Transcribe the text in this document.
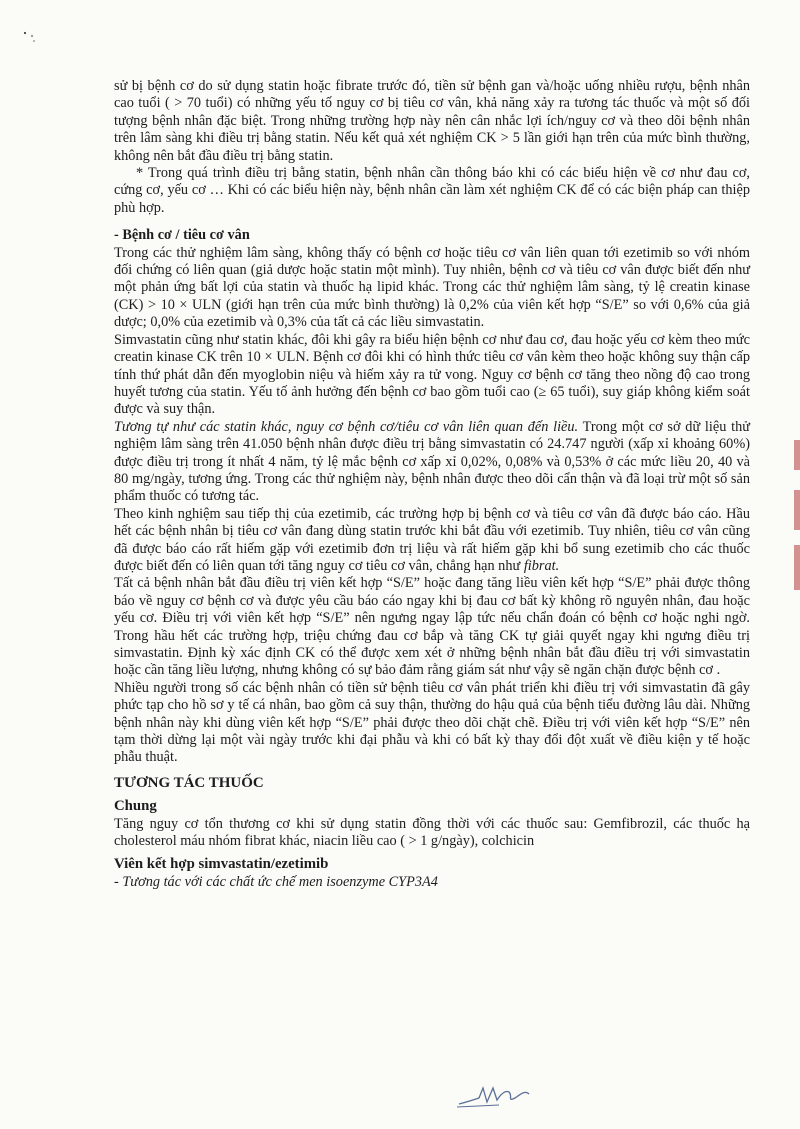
sử bị bệnh cơ do sử dụng statin hoặc fibrate trước đó, tiền sử bệnh gan và/hoặc uống nhiều rượu, bệnh nhân cao tuổi ( > 70 tuổi) có những yếu tố nguy cơ bị tiêu cơ vân, khả năng xảy ra tương tác thuốc và một số đối tượng bệnh nhân đặc biệt. Trong những trường hợp này nên cân nhắc lợi ích/nguy cơ và theo dõi bệnh nhân trên lâm sàng khi điều trị bằng statin. Nếu kết quả xét nghiệm CK > 5 lần giới hạn trên của mức bình thường, không nên bắt đầu điều trị bằng statin.

* Trong quá trình điều trị bằng statin, bệnh nhân cần thông báo khi có các biểu hiện về cơ như đau cơ, cứng cơ, yếu cơ … Khi có các biểu hiện này, bệnh nhân cần làm xét nghiệm CK để có các biện pháp can thiệp phù hợp.

- Bệnh cơ / tiêu cơ vân

Trong các thử nghiệm lâm sàng, không thấy có bệnh cơ hoặc tiêu cơ vân liên quan tới ezetimib so với nhóm đối chứng có liên quan (giả dược hoặc statin một mình). Tuy nhiên, bệnh cơ và tiêu cơ vân được biết đến như một phản ứng bất lợi của statin và thuốc hạ lipid khác. Trong các thử nghiệm lâm sàng, tỷ lệ creatin kinase (CK) > 10 × ULN (giới hạn trên của mức bình thường) là 0,2% của viên kết hợp “S/E” so với 0,6% của giả dược; 0,0% của ezetimib và 0,3% của tất cả các liều simvastatin.

Simvastatin cũng như statin khác, đôi khi gây ra biểu hiện bệnh cơ như đau cơ, đau hoặc yếu cơ kèm theo mức creatin kinase CK trên 10 × ULN. Bệnh cơ đôi khi có hình thức tiêu cơ vân kèm theo hoặc không suy thận cấp tính thứ phát dẫn đến myoglobin niệu và hiếm xảy ra tử vong. Nguy cơ bệnh cơ tăng theo nồng độ cao trong huyết tương của statin. Yếu tố ảnh hưởng đến bệnh cơ bao gồm tuổi cao (≥ 65 tuổi), suy giáp không kiểm soát được và suy thận.

Tương tự như các statin khác, nguy cơ bệnh cơ/tiêu cơ vân liên quan đến liều. Trong một cơ sở dữ liệu thử nghiệm lâm sàng trên 41.050 bệnh nhân được điều trị bằng simvastatin có 24.747 người (xấp xỉ khoảng 60%) được điều trị trong ít nhất 4 năm, tỷ lệ mắc bệnh cơ xấp xỉ 0,02%, 0,08% và 0,53% ở các mức liều 20, 40 và 80 mg/ngày, tương ứng. Trong các thử nghiệm này, bệnh nhân được theo dõi cẩn thận và đã loại trừ một số sản phẩm thuốc có tương tác.

Theo kinh nghiệm sau tiếp thị của ezetimib, các trường hợp bị bệnh cơ và tiêu cơ vân đã được báo cáo. Hầu hết các bệnh nhân bị tiêu cơ vân đang dùng statin trước khi bắt đầu với ezetimib. Tuy nhiên, tiêu cơ vân cũng đã được báo cáo rất hiếm gặp với ezetimib đơn trị liệu và rất hiếm gặp khi bổ sung ezetimib cho các thuốc được biết đến có liên quan tới tăng nguy cơ tiêu cơ vân, chẳng hạn như fibrat.

Tất cả bệnh nhân bắt đầu điều trị viên kết hợp “S/E” hoặc đang tăng liều viên kết hợp “S/E” phải được thông báo về nguy cơ bệnh cơ và được yêu cầu báo cáo ngay khi bị đau cơ bất kỳ không rõ nguyên nhân, đau hoặc yếu cơ. Điều trị với viên kết hợp “S/E” nên ngưng ngay lập tức nếu chẩn đoán có bệnh cơ hoặc nghi ngờ. Trong hầu hết các trường hợp, triệu chứng đau cơ bắp và tăng CK tự giải quyết ngay khi ngưng điều trị simvastatin. Định kỳ xác định CK có thể được xem xét ở những bệnh nhân bắt đầu điều trị với simvastatin hoặc cần tăng liều lượng, nhưng không có sự bảo đảm rằng giám sát như vậy sẽ ngăn chặn được bệnh cơ .

Nhiều người trong số các bệnh nhân có tiền sử bệnh tiêu cơ vân phát triển khi điều trị với simvastatin đã gây phức tạp cho hồ sơ y tế cá nhân, bao gồm cả suy thận, thường do hậu quả của bệnh tiểu đường lâu dài. Những bệnh nhân này khi dùng viên kết hợp “S/E” phải được theo dõi chặt chẽ. Điều trị với viên kết hợp “S/E” nên tạm thời dừng lại một vài ngày trước khi đại phẫu và khi có bất kỳ thay đổi đột xuất về điều kiện y tế hoặc phẫu thuật.

TƯƠNG TÁC THUỐC

Chung

Tăng nguy cơ tổn thương cơ khi sử dụng statin đồng thời với các thuốc sau: Gemfibrozil, các thuốc hạ cholesterol máu nhóm fibrat khác, niacin liều cao ( > 1 g/ngày), colchicin

Viên kết hợp simvastatin/ezetimib

- Tương tác với các chất ức chế men isoenzyme CYP3A4
